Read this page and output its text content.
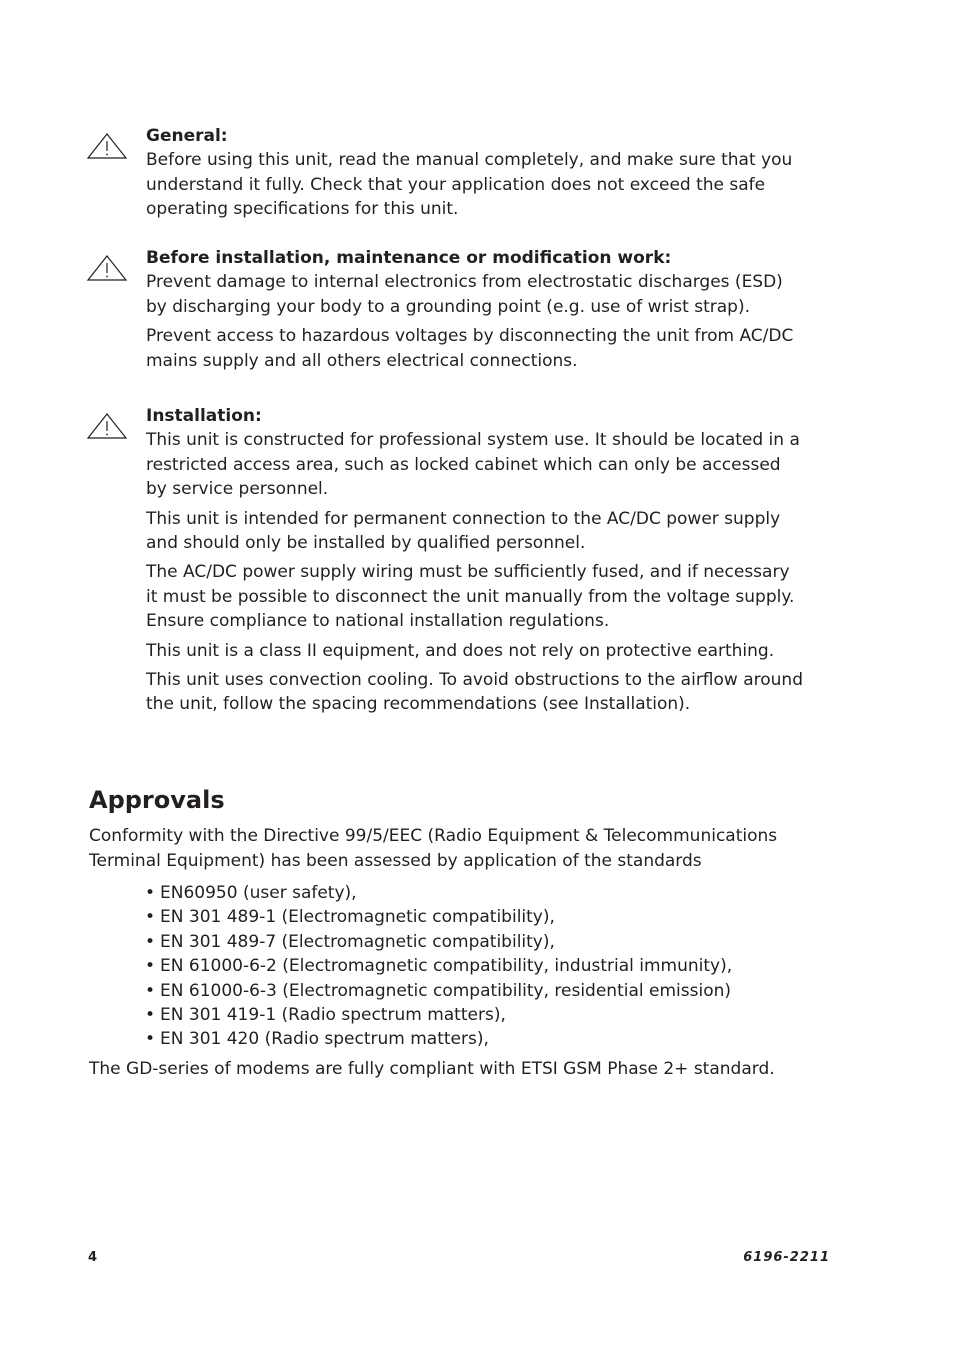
General:

Before using this unit, read the manual completely, and make sure that you understand it fully. Check that your application does not exceed the safe operating specifications for this unit.

Before installation, maintenance or modification work:

Prevent damage to internal electronics from electrostatic discharges (ESD) by discharging your body to a grounding point (e.g. use of wrist strap).

Prevent access to hazardous voltages by disconnecting the unit from AC/DC mains supply and all others electrical connections.

Installation:

This unit is constructed for professional system use. It should be located in a restricted access area, such as locked cabinet which can only be accessed by service personnel.

This unit is intended for permanent connection to the AC/DC power supply and should only be installed by qualified personnel.

The AC/DC power supply wiring must be sufficiently fused, and if necessary it must be possible to disconnect the unit manually from the voltage supply. Ensure compliance to national installation regulations.

This unit is a class II equipment, and does not rely on protective earthing.

This unit uses convection cooling. To avoid obstructions to the airflow around the unit, follow the spacing recommendations (see Installation).

Approvals

Conformity with the Directive 99/5/EEC (Radio Equipment & Telecommunications Terminal Equipment) has been assessed by application of the standards

• EN60950 (user safety),
• EN 301 489-1 (Electromagnetic compatibility),
• EN 301 489-7 (Electromagnetic compatibility),
• EN 61000-6-2 (Electromagnetic compatibility, industrial immunity),
• EN 61000-6-3 (Electromagnetic compatibility, residential emission)
• EN 301 419-1 (Radio spectrum matters),
• EN 301 420 (Radio spectrum matters),

The GD-series of modems are fully compliant with ETSI GSM Phase 2+ standard.

4	6196-2211
